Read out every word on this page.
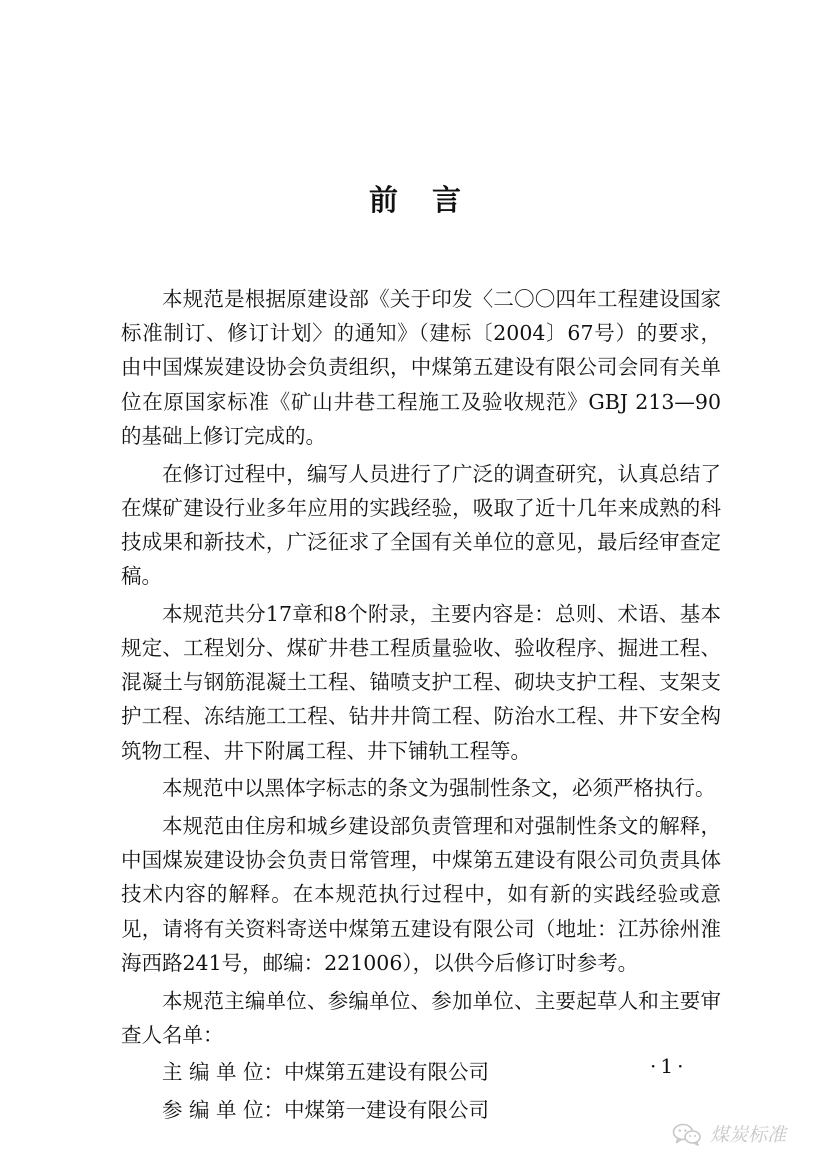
前言

本规范是根据原建设部《关于印发〈二〇〇四年工程建设国家标准制订、修订计划〉的通知》（建标〔2004〕67号）的要求，由中国煤炭建设协会负责组织，中煤第五建设有限公司会同有关单位在原国家标准《矿山井巷工程施工及验收规范》GBJ 213—90的基础上修订完成的。

在修订过程中，编写人员进行了广泛的调查研究，认真总结了在煤矿建设行业多年应用的实践经验，吸取了近十几年来成熟的科技成果和新技术，广泛征求了全国有关单位的意见，最后经审查定稿。

本规范共分17章和8个附录，主要内容是：总则、术语、基本规定、工程划分、煤矿井巷工程质量验收、验收程序、掘进工程、混凝土与钢筋混凝土工程、锚喷支护工程、砌块支护工程、支架支护工程、冻结施工工程、钻井井筒工程、防治水工程、井下安全构筑物工程、井下附属工程、井下铺轨工程等。

本规范中以黑体字标志的条文为强制性条文，必须严格执行。

本规范由住房和城乡建设部负责管理和对强制性条文的解释，中国煤炭建设协会负责日常管理，中煤第五建设有限公司负责具体技术内容的解释。在本规范执行过程中，如有新的实践经验或意见，请将有关资料寄送中煤第五建设有限公司（地址：江苏徐州淮海西路241号，邮编：221006），以供今后修订时参考。

本规范主编单位、参编单位、参加单位、主要起草人和主要审查人名单：

主 编 单 位：中煤第五建设有限公司
参 编 单 位：中煤第一建设有限公司
·1·
煤炭标准
